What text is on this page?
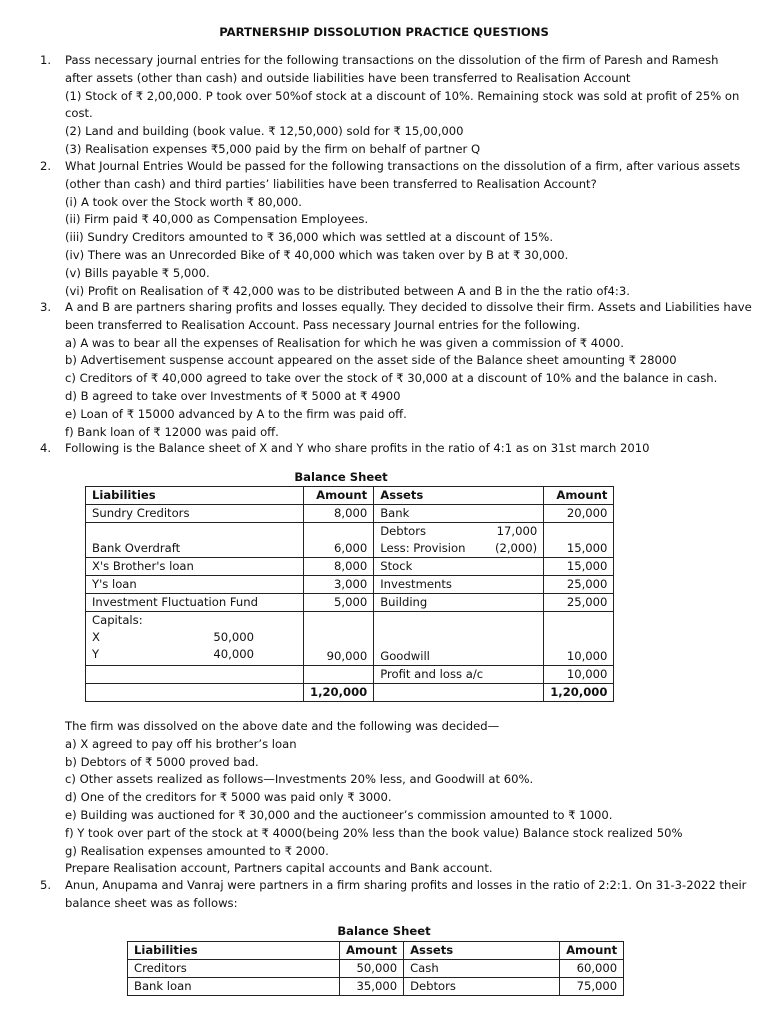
PARTNERSHIP DISSOLUTION PRACTICE QUESTIONS
1.	Pass necessary journal entries for the following transactions on the dissolution of the firm of Paresh and Ramesh
after assets (other than cash) and outside liabilities have been transferred to Realisation Account
(1) Stock of ₹ 2,00,000. P took over 50%of stock at a discount of 10%. Remaining stock was sold at profit of 25% on
cost.
(2) Land and building (book value. ₹ 12,50,000) sold for ₹ 15,00,000
(3) Realisation expenses ₹5,000 paid by the firm on behalf of partner Q
2.	What Journal Entries Would be passed for the following transactions on the dissolution of a firm, after various assets
(other than cash) and third parties’ liabilities have been transferred to Realisation Account?
(i) A took over the Stock worth ₹ 80,000.
(ii) Firm paid ₹ 40,000 as Compensation Employees.
(iii) Sundry Creditors amounted to ₹ 36,000 which was settled at a discount of 15%.
(iv) There was an Unrecorded Bike of ₹ 40,000 which was taken over by B at ₹ 30,000.
(v) Bills payable ₹ 5,000.
(vi) Profit on Realisation of ₹ 42,000 was to be distributed between A and B in the the ratio of4:3.
3.	A and B are partners sharing profits and losses equally. They decided to dissolve their firm. Assets and Liabilities have
been transferred to Realisation Account. Pass necessary Journal entries for the following.
a) A was to bear all the expenses of Realisation for which he was given a commission of ₹ 4000.
b) Advertisement suspense account appeared on the asset side of the Balance sheet amounting ₹ 28000
c) Creditors of ₹ 40,000 agreed to take over the stock of ₹ 30,000 at a discount of 10% and the balance in cash.
d) B agreed to take over Investments of ₹ 5000 at ₹ 4900
e) Loan of ₹ 15000 advanced by A to the firm was paid off.
f) Bank loan of ₹ 12000 was paid off.
4.	Following is the Balance sheet of X and Y who share profits in the ratio of 4:1 as on 31st march 2010
Balance Sheet
Liabilities	Amount	Assets		Amount
Sundry Creditors	8,000	Bank		20,000
		Debtors	17,000	
Bank Overdraft	6,000	Less: Provision	(2,000)	15,000
X's Brother's loan	8,000	Stock		15,000
Y's loan	3,000	Investments		25,000
Investment Fluctuation Fund	5,000	Building		25,000

Capitals:
X 50,000
Y 40,000	90,000	Goodwill		10,000
		Profit and loss a/c		10,000
	1,20,000			1,20,000
The firm was dissolved on the above date and the following was decided—
a) X agreed to pay off his brother’s loan
b) Debtors of ₹ 5000 proved bad.
c) Other assets realized as follows—Investments 20% less, and Goodwill at 60%.
d) One of the creditors for ₹ 5000 was paid only ₹ 3000.
e) Building was auctioned for ₹ 30,000 and the auctioneer’s commission amounted to ₹ 1000.
f) Y took over part of the stock at ₹ 4000(being 20% less than the book value) Balance stock realized 50%
g) Realisation expenses amounted to ₹ 2000.
Prepare Realisation account, Partners capital accounts and Bank account.
5.	Anun, Anupama and Vanraj were partners in a firm sharing profits and losses in the ratio of 2:2:1. On 31-3-2022 their
balance sheet was as follows:
Balance Sheet
Liabilities	Amount	Assets	Amount
Creditors	50,000	Cash	60,000
Bank loan	35,000	Debtors	75,000
